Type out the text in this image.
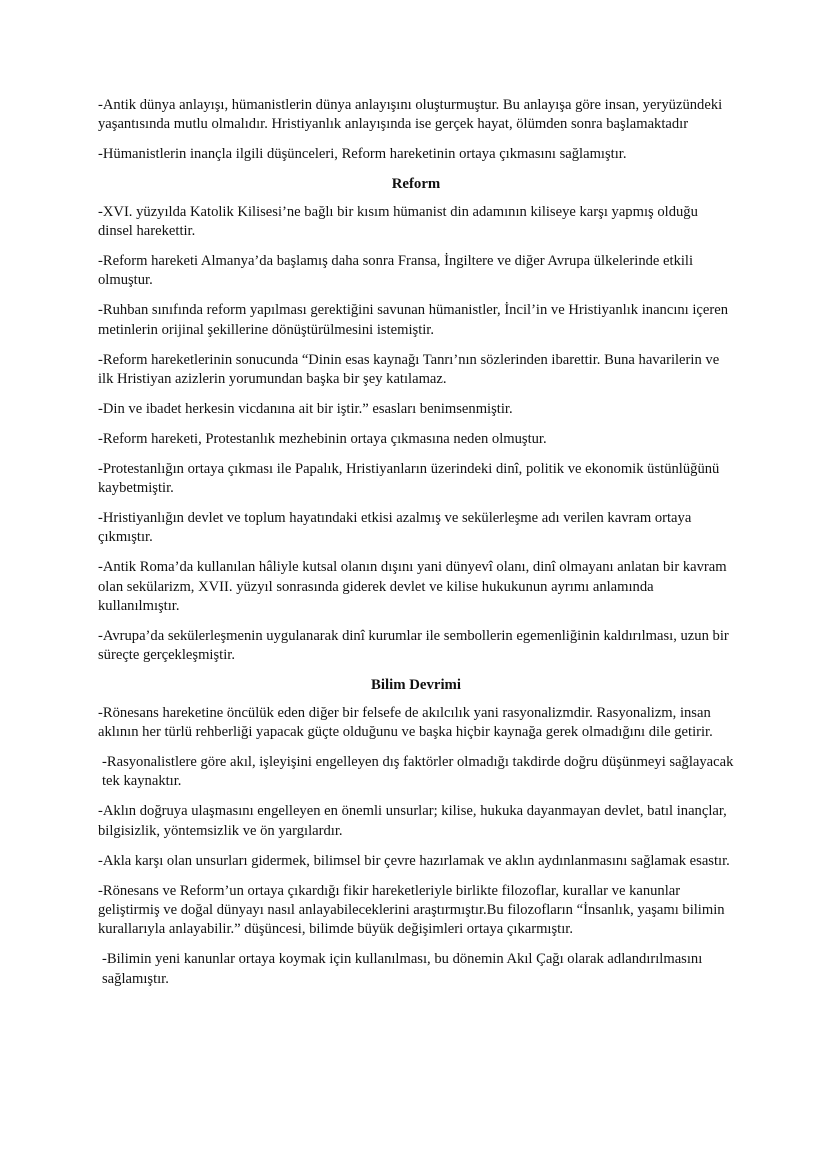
-Antik dünya anlayışı, hümanistlerin dünya anlayışını oluşturmuştur. Bu anlayışa göre insan, yeryüzündeki yaşantısında mutlu olmalıdır. Hristiyanlık anlayışında ise gerçek hayat, ölümden sonra başlamaktadır

-Hümanistlerin inançla ilgili düşünceleri, Reform hareketinin ortaya çıkmasını sağlamıştır.

Reform

-XVI. yüzyılda Katolik Kilisesi’ne bağlı bir kısım hümanist din adamının kiliseye karşı yapmış olduğu dinsel harekettir.

-Reform hareketi Almanya’da başlamış daha sonra Fransa, İngiltere ve diğer Avrupa ülkelerinde etkili olmuştur.

-Ruhban sınıfında reform yapılması gerektiğini savunan hümanistler, İncil’in ve Hristiyanlık inancını içeren metinlerin orijinal şekillerine dönüştürülmesini istemiştir.

-Reform hareketlerinin sonucunda “Dinin esas kaynağı Tanrı’nın sözlerinden ibarettir. Buna havarilerin ve ilk Hristiyan azizlerin yorumundan başka bir şey katılamaz.

-Din ve ibadet herkesin vicdanına ait bir iştir.” esasları benimsenmiştir.

-Reform hareketi, Protestanlık mezhebinin ortaya çıkmasına neden olmuştur.

-Protestanlığın ortaya çıkması ile Papalık, Hristiyanların üzerindeki dinî, politik ve ekonomik üstünlüğünü kaybetmiştir.

-Hristiyanlığın devlet ve toplum hayatındaki etkisi azalmış ve sekülerleşme adı verilen kavram ortaya çıkmıştır.

-Antik Roma’da kullanılan hâliyle kutsal olanın dışını yani dünyevî olanı, dinî olmayanı anlatan bir kavram olan sekülarizm, XVII. yüzyıl sonrasında giderek devlet ve kilise hukukunun ayrımı anlamında kullanılmıştır.

-Avrupa’da sekülerleşmenin uygulanarak dinî kurumlar ile sembollerin egemenliğinin kaldırılması, uzun bir süreçte gerçekleşmiştir.

Bilim Devrimi

-Rönesans hareketine öncülük eden diğer bir felsefe de akılcılık yani rasyonalizmdir. Rasyonalizm, insan aklının her türlü rehberliği yapacak güçte olduğunu ve başka hiçbir kaynağa gerek olmadığını dile getirir.

-Rasyonalistlere göre akıl, işleyişini engelleyen dış faktörler olmadığı takdirde doğru düşünmeyi sağlayacak tek kaynaktır.

-Aklın doğruya ulaşmasını engelleyen en önemli unsurlar; kilise, hukuka dayanmayan devlet, batıl inançlar, bilgisizlik, yöntemsizlik ve ön yargılardır.

-Akla karşı olan unsurları gidermek, bilimsel bir çevre hazırlamak ve aklın aydınlanmasını sağlamak esastır.

-Rönesans ve Reform’un ortaya çıkardığı fikir hareketleriyle birlikte filozoflar, kurallar ve kanunlar geliştirmiş ve doğal dünyayı nasıl anlayabileceklerini araştırmıştır.Bu filozofların “İnsanlık, yaşamı bilimin kurallarıyla anlayabilir.” düşüncesi, bilimde büyük değişimleri ortaya çıkarmıştır.

-Bilimin yeni kanunlar ortaya koymak için kullanılması, bu dönemin Akıl Çağı olarak adlandırılmasını sağlamıştır.
